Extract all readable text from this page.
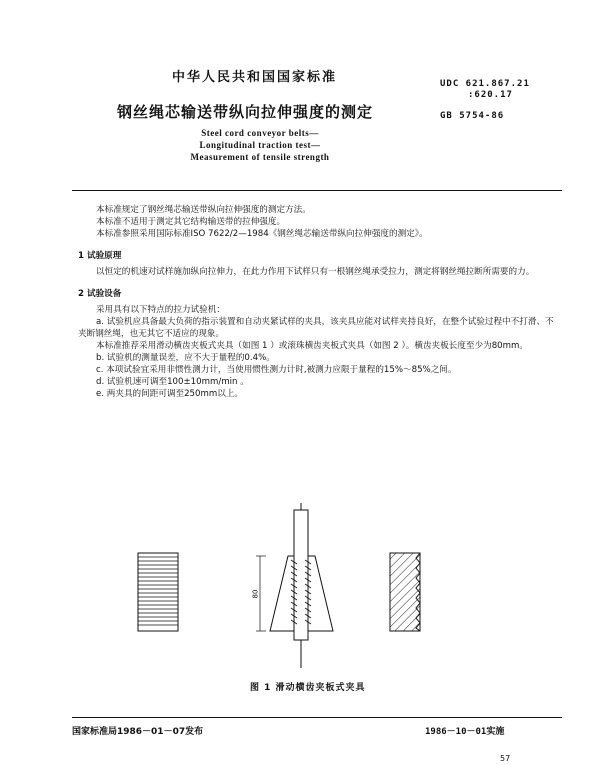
中华人民共和国国家标准	UDC 621.867.21
:620.17
钢丝绳芯输送带纵向拉伸强度的测定	GB 5754-86
Steel cord conveyor belts—
Longitudinal traction test—
Measurement of tensile strength

本标准规定了钢丝绳芯输送带纵向拉伸强度的测定方法。

本标准不适用于测定其它结构输送带的拉伸强度。

本标准参照采用国际标准ISO 7622/2—1984《钢丝绳芯输送带纵向拉伸强度的测定》。

1 试验原理

以恒定的机速对试样施加纵向拉伸力，在此力作用下试样只有一根钢丝绳承受拉力，测定将钢丝绳拉断所需要的力。

2 试验设备

采用具有以下特点的拉力试验机：

a. 试验机应具备最大负荷的指示装置和自动夹紧试样的夹具，该夹具应能对试样夹持良好，在整个试验过程中不打滑、不夹断钢丝绳，也无其它不适应的现象。

本标准推荐采用滑动横齿夹板式夹具（如图 1 ）或滚珠横齿夹板式夹具（如图 2 ）。横齿夹板长度至少为80mm。

b. 试验机的测量误差，应不大于量程的0.4%。

c. 本项试验宜采用非惯性测力计，当使用惯性测力计时,被测力应限于量程的15%～85%之间。

d. 试验机速可调至100±10mm/min 。

e. 两夹具的间距可调至250mm以上。

80
图 1 滑动横齿夹板式夹具
国家标准局1986－01－07发布	1986－10－01实施
57
